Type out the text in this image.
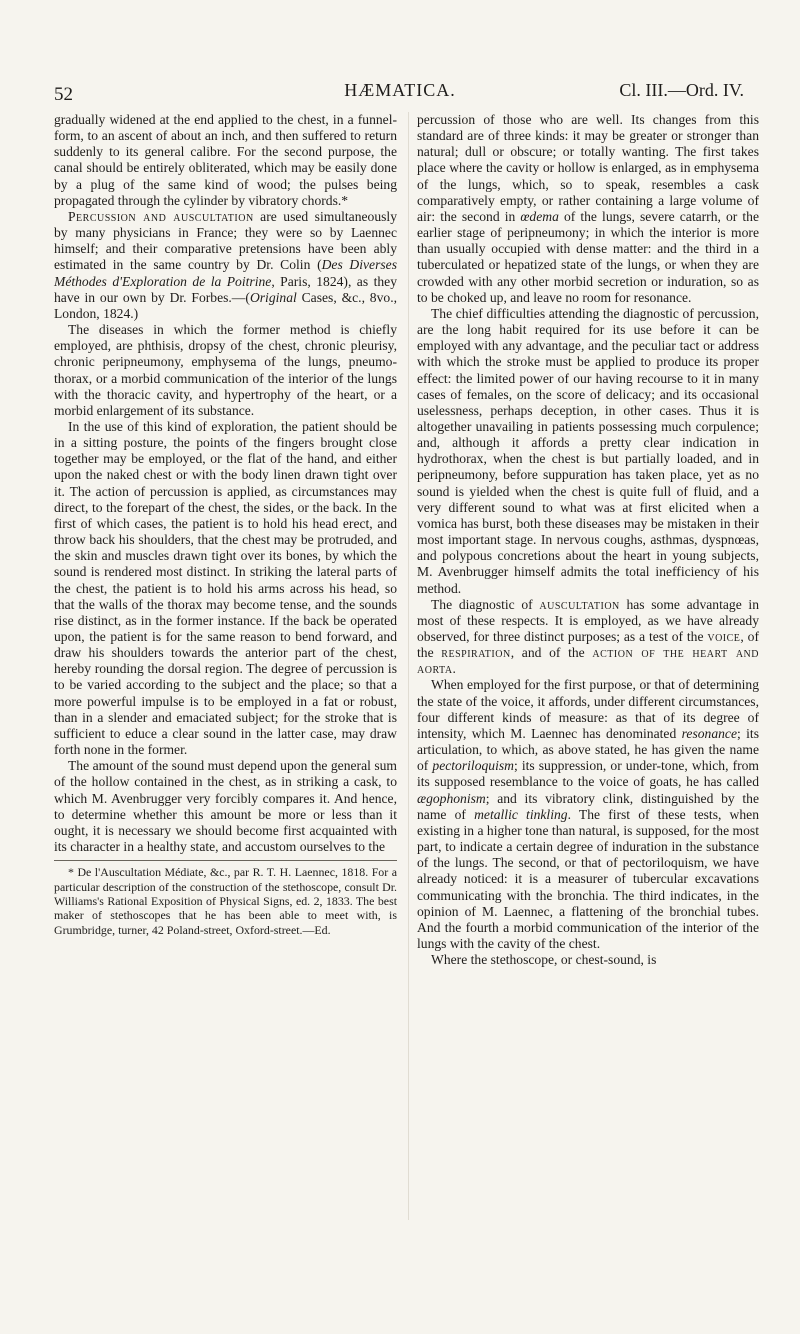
52	HÆMATICA.	Cl. III.—Ord. IV.

gradually widened at the end applied to the chest, in a funnel-form, to an ascent of about an inch, and then suffered to return suddenly to its general calibre. For the second purpose, the canal should be entirely obliterated, which may be easily done by a plug of the same kind of wood; the pulses being propagated through the cylinder by vibratory chords.*

Percussion and auscultation are used simultaneously by many physicians in France; they were so by Laennec himself; and their comparative pretensions have been ably estimated in the same country by Dr. Colin (Des Diverses Méthodes d'Exploration de la Poitrine, Paris, 1824), as they have in our own by Dr. Forbes.—(Original Cases, &c., 8vo., London, 1824.)

The diseases in which the former method is chiefly employed, are phthisis, dropsy of the chest, chronic pleurisy, chronic peripneumony, emphysema of the lungs, pneumo-thorax, or a morbid communication of the interior of the lungs with the thoracic cavity, and hypertrophy of the heart, or a morbid enlargement of its substance.

In the use of this kind of exploration, the patient should be in a sitting posture, the points of the fingers brought close together may be employed, or the flat of the hand, and either upon the naked chest or with the body linen drawn tight over it. The action of percussion is applied, as circumstances may direct, to the forepart of the chest, the sides, or the back. In the first of which cases, the patient is to hold his head erect, and throw back his shoulders, that the chest may be protruded, and the skin and muscles drawn tight over its bones, by which the sound is rendered most distinct. In striking the lateral parts of the chest, the patient is to hold his arms across his head, so that the walls of the thorax may become tense, and the sounds rise distinct, as in the former instance. If the back be operated upon, the patient is for the same reason to bend forward, and draw his shoulders towards the anterior part of the chest, hereby rounding the dorsal region. The degree of percussion is to be varied according to the subject and the place; so that a more powerful impulse is to be employed in a fat or robust, than in a slender and emaciated subject; for the stroke that is sufficient to educe a clear sound in the latter case, may draw forth none in the former.

The amount of the sound must depend upon the general sum of the hollow contained in the chest, as in striking a cask, to which M. Avenbrugger very forcibly compares it. And hence, to determine whether this amount be more or less than it ought, it is necessary we should become first acquainted with its character in a healthy state, and accustom ourselves to the

* De l'Auscultation Médiate, &c., par R. T. H. Laennec, 1818. For a particular description of the construction of the stethoscope, consult Dr. Williams's Rational Exposition of Physical Signs, ed. 2, 1833. The best maker of stethoscopes that he has been able to meet with, is Grumbridge, turner, 42 Poland-street, Oxford-street.—Ed.

percussion of those who are well. Its changes from this standard are of three kinds: it may be greater or stronger than natural; dull or obscure; or totally wanting. The first takes place where the cavity or hollow is enlarged, as in emphysema of the lungs, which, so to speak, resembles a cask comparatively empty, or rather containing a large volume of air: the second in œdema of the lungs, severe catarrh, or the earlier stage of peripneumony; in which the interior is more than usually occupied with dense matter: and the third in a tuberculated or hepatized state of the lungs, or when they are crowded with any other morbid secretion or induration, so as to be choked up, and leave no room for resonance.

The chief difficulties attending the diagnostic of percussion, are the long habit required for its use before it can be employed with any advantage, and the peculiar tact or address with which the stroke must be applied to produce its proper effect: the limited power of our having recourse to it in many cases of females, on the score of delicacy; and its occasional uselessness, perhaps deception, in other cases. Thus it is altogether unavailing in patients possessing much corpulence; and, although it affords a pretty clear indication in hydrothorax, when the chest is but partially loaded, and in peripneumony, before suppuration has taken place, yet as no sound is yielded when the chest is quite full of fluid, and a very different sound to what was at first elicited when a vomica has burst, both these diseases may be mistaken in their most important stage. In nervous coughs, asthmas, dyspnœas, and polypous concretions about the heart in young subjects, M. Avenbrugger himself admits the total inefficiency of his method.

The diagnostic of auscultation has some advantage in most of these respects. It is employed, as we have already observed, for three distinct purposes; as a test of the voice, of the respiration, and of the action of the heart and aorta.

When employed for the first purpose, or that of determining the state of the voice, it affords, under different circumstances, four different kinds of measure: as that of its degree of intensity, which M. Laennec has denominated resonance; its articulation, to which, as above stated, he has given the name of pectoriloquism; its suppression, or under-tone, which, from its supposed resemblance to the voice of goats, he has called ægophonism; and its vibratory clink, distinguished by the name of metallic tinkling. The first of these tests, when existing in a higher tone than natural, is supposed, for the most part, to indicate a certain degree of induration in the substance of the lungs. The second, or that of pectoriloquism, we have already noticed: it is a measurer of tubercular excavations communicating with the bronchia. The third indicates, in the opinion of M. Laennec, a flattening of the bronchial tubes. And the fourth a morbid communication of the interior of the lungs with the cavity of the chest.

Where the stethoscope, or chest-sound, is
